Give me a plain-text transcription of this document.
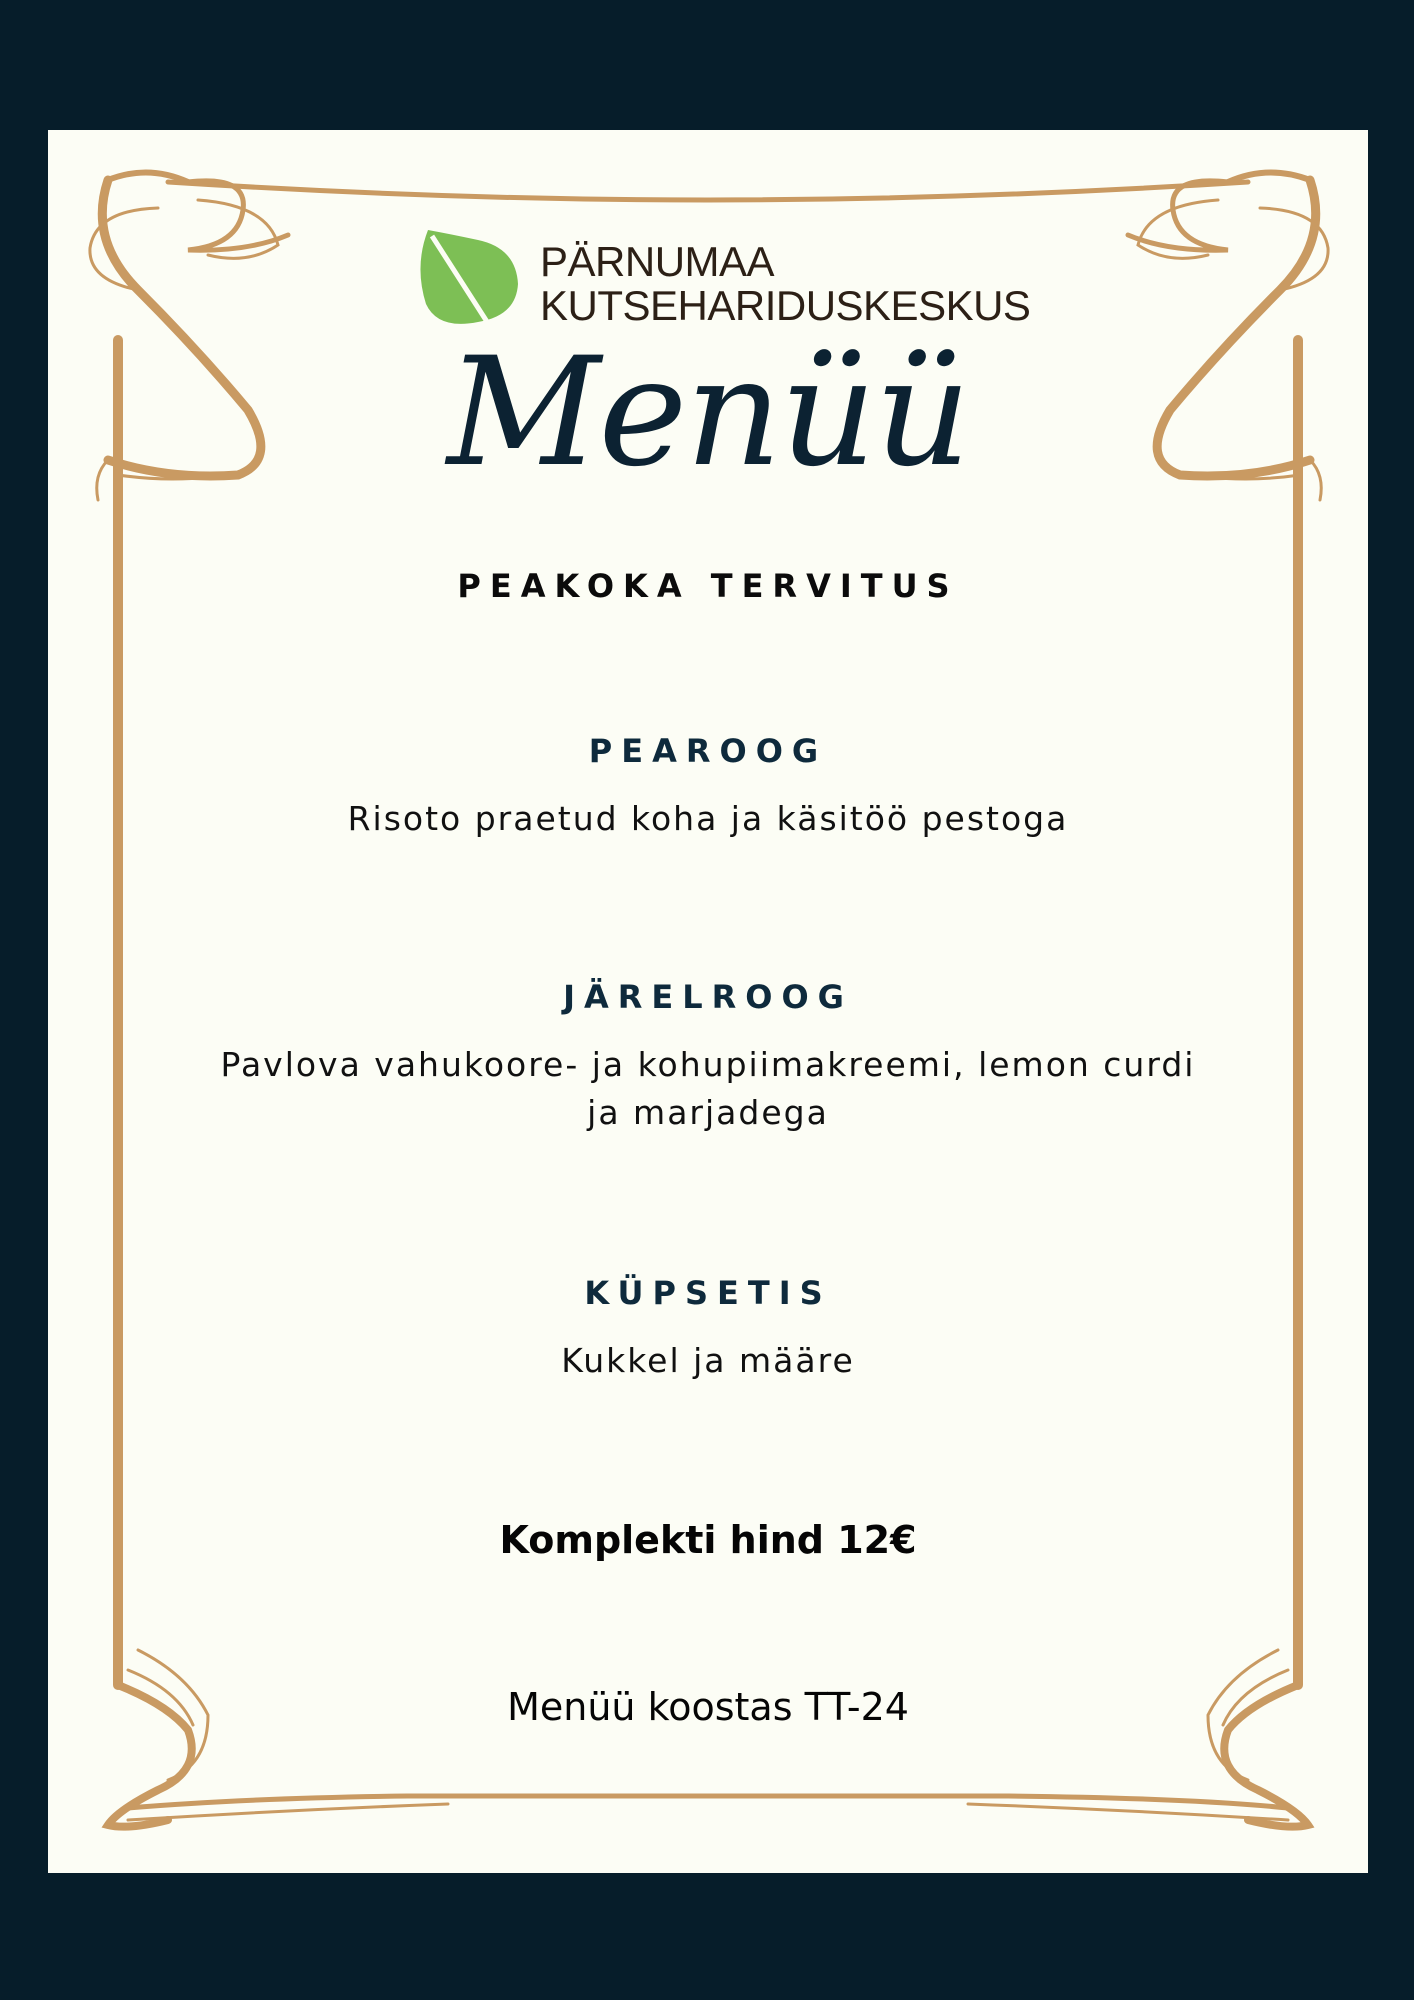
PÄRNUMAA
KUTSEHARIDUSKESKUS
Menüü
PEAKOKA TERVITUS
PEAROOG
Risoto praetud koha ja käsitöö pestoga
JÄRELROOG
Pavlova vahukoore- ja kohupiimakreemi, lemon curdi ja marjadega
KÜPSETIS
Kukkel ja määre
Komplekti hind 12€
Menüü koostas TT-24
